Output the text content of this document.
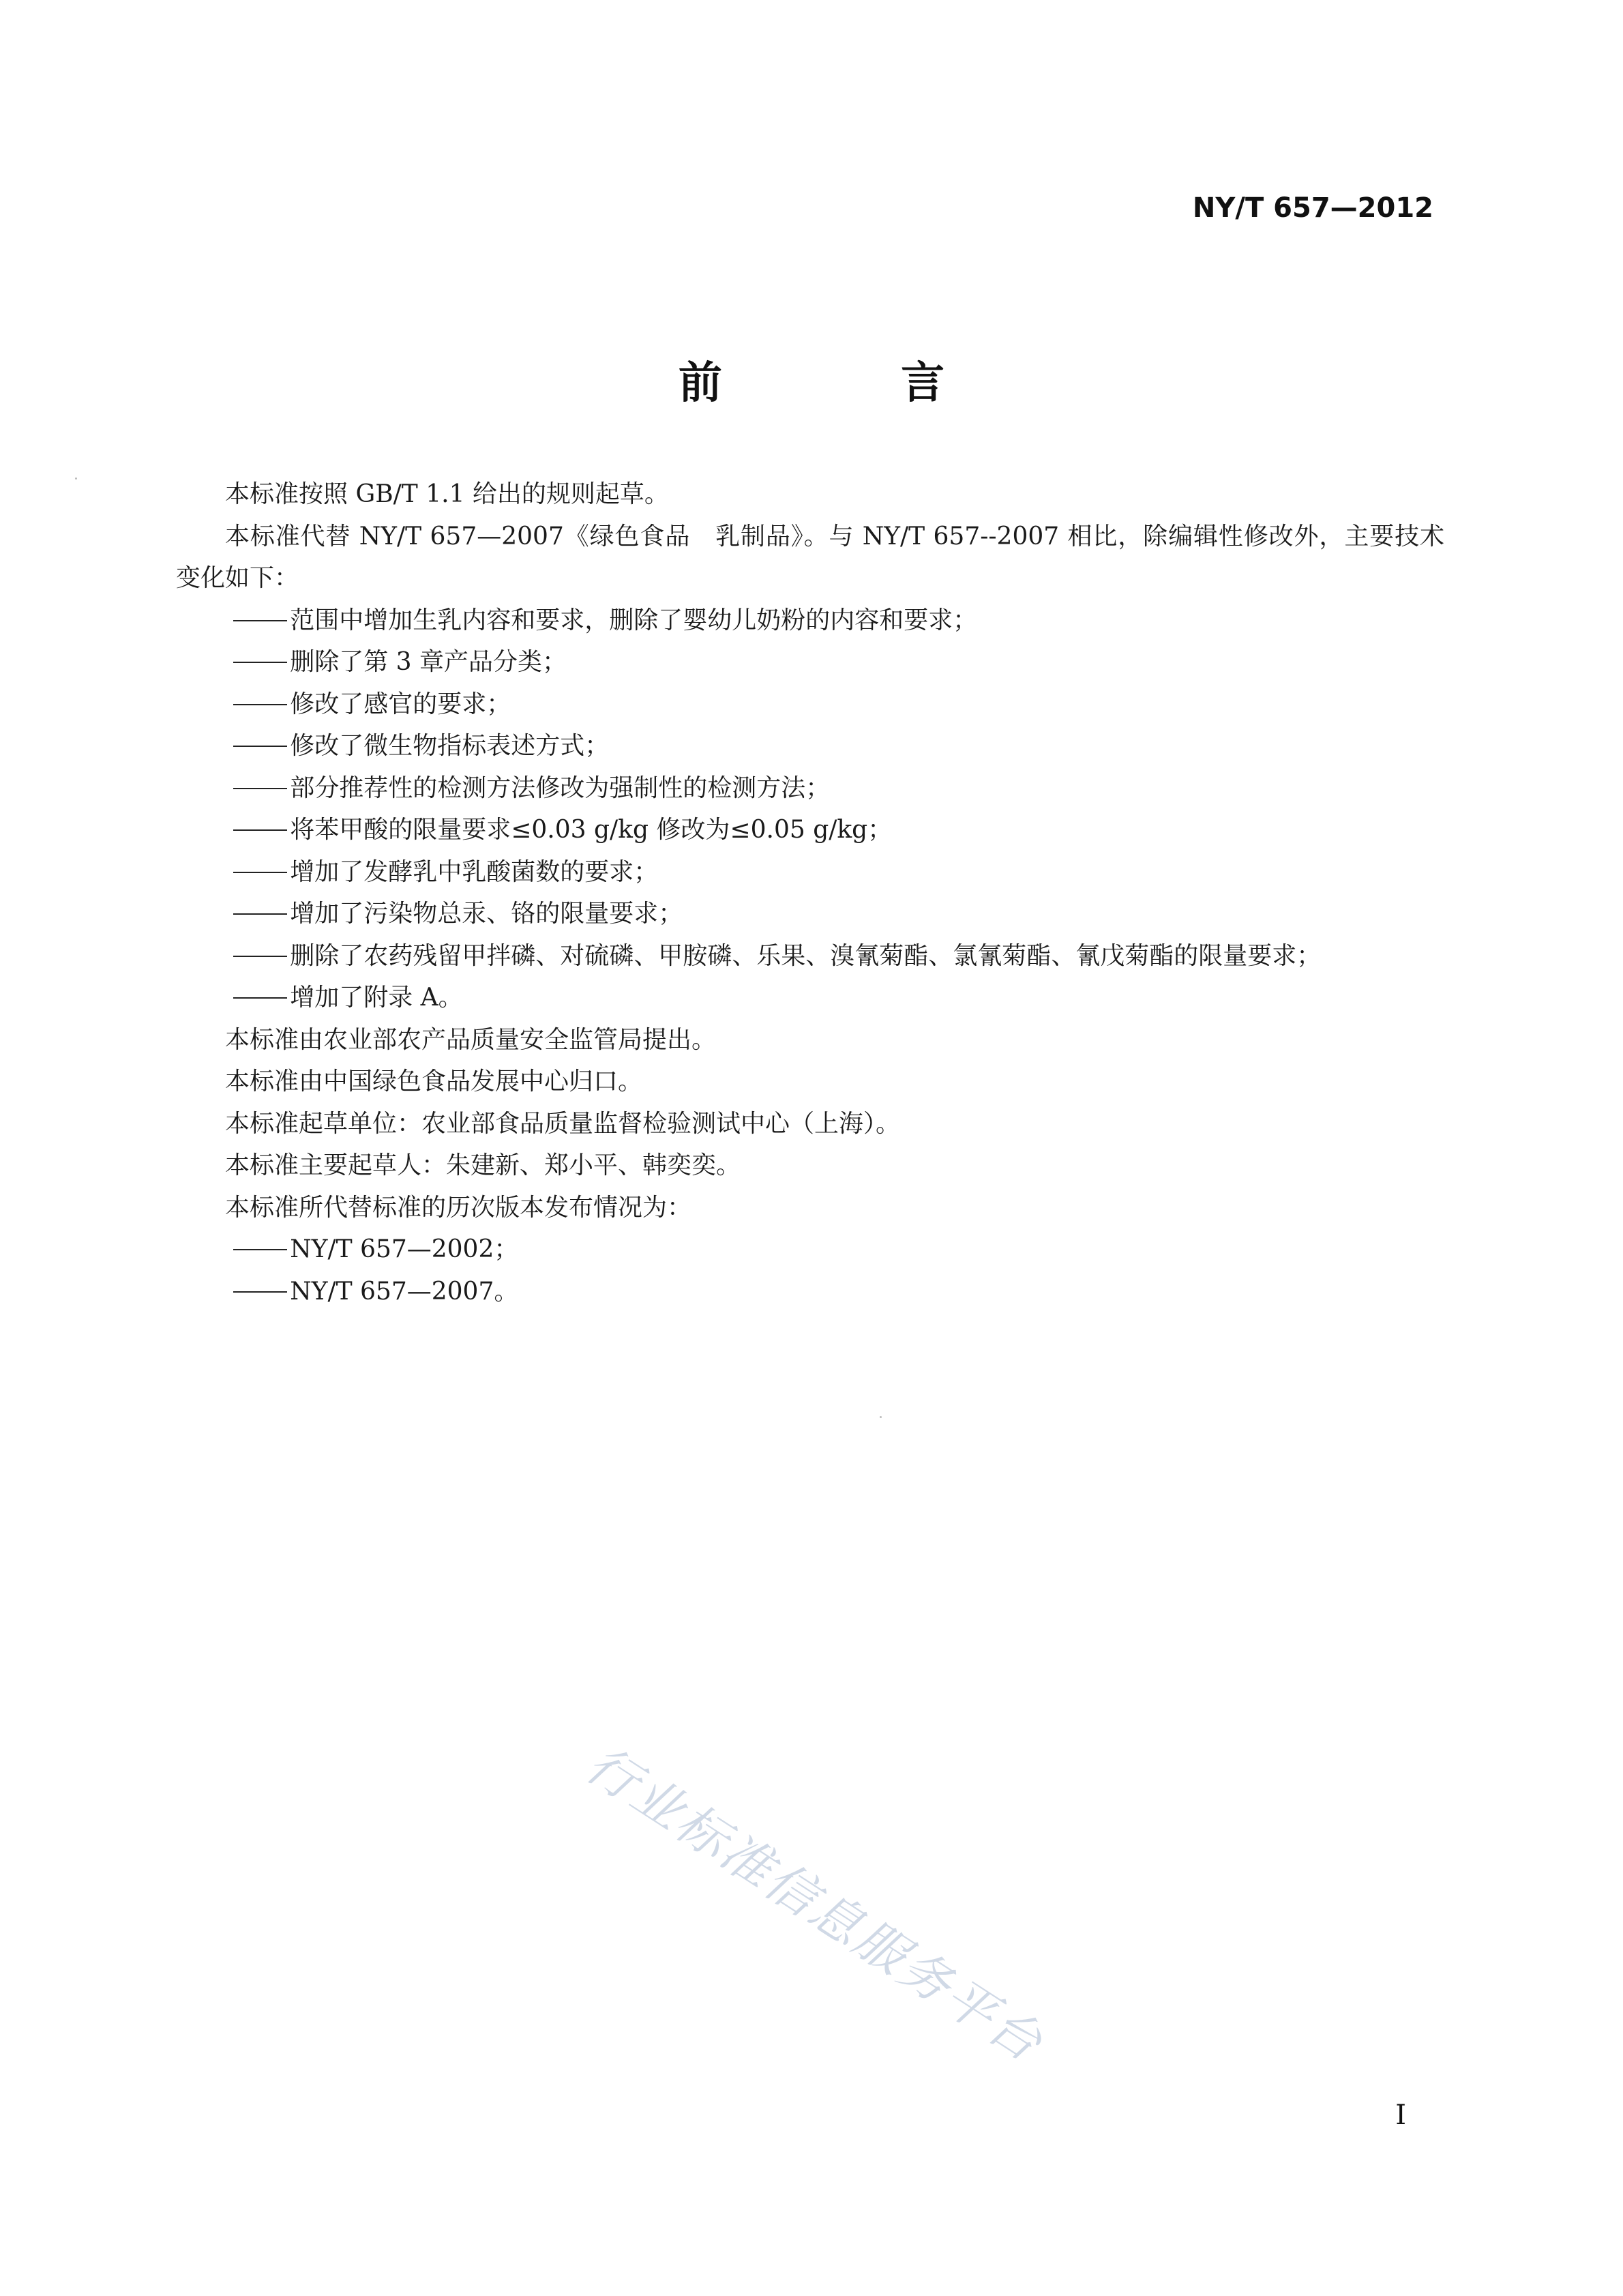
NY/T 657—2012
前 言

本标准按照 GB/T 1.1 给出的规则起草。

本标准代替 NY/T 657—2007《绿色食品　乳制品》。与 NY/T 657--2007 相比，除编辑性修改外，主要技术变化如下：

范围中增加生乳内容和要求，删除了婴幼儿奶粉的内容和要求；

删除了第 3 章产品分类；

修改了感官的要求；

修改了微生物指标表述方式；

部分推荐性的检测方法修改为强制性的检测方法；

将苯甲酸的限量要求≤0.03 g/kg 修改为≤0.05 g/kg；

增加了发酵乳中乳酸菌数的要求；

增加了污染物总汞、铬的限量要求；

删除了农药残留甲拌磷、对硫磷、甲胺磷、乐果、溴氰菊酯、氯氰菊酯、氰戊菊酯的限量要求；

增加了附录 A。

本标准由农业部农产品质量安全监管局提出。

本标准由中国绿色食品发展中心归口。

本标准起草单位：农业部食品质量监督检验测试中心（上海）。

本标准主要起草人：朱建新、郑小平、韩奕奕。

本标准所代替标准的历次版本发布情况为：

NY/T 657—2002；

NY/T 657—2007。

行业标准信息服务平台
I
